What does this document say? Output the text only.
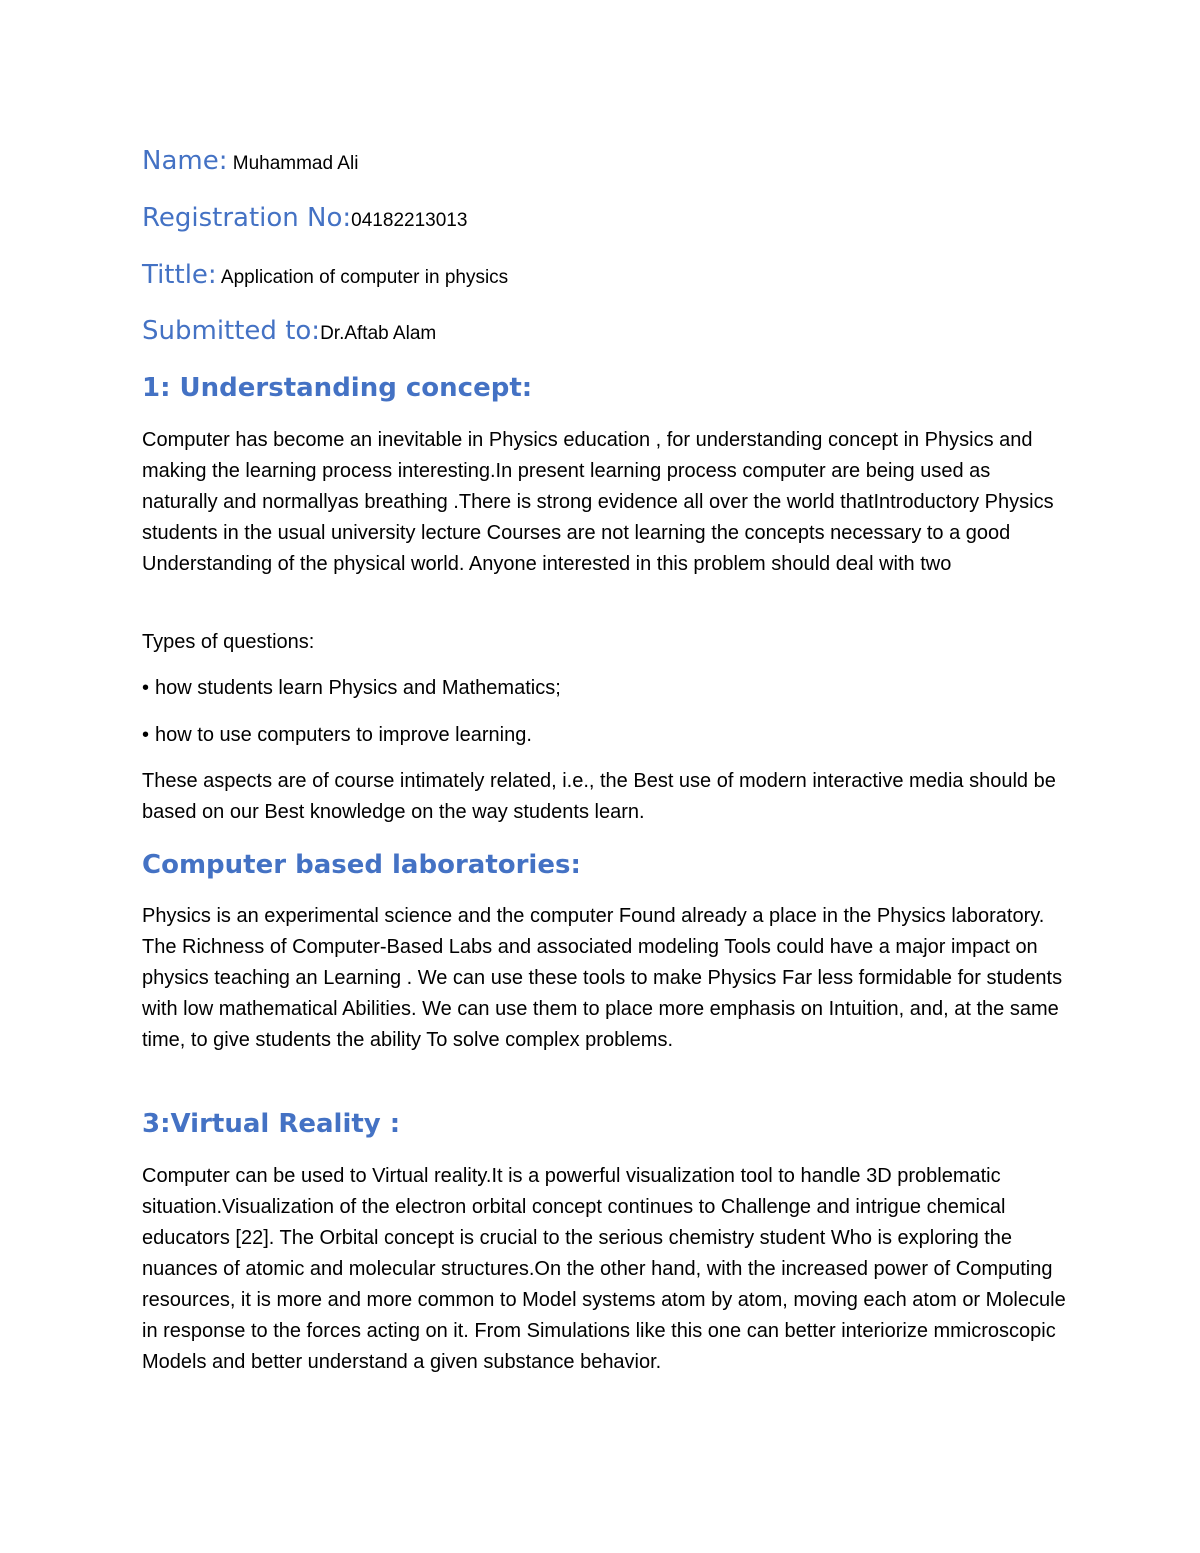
Name: Muhammad Ali
Registration No:04182213013
Tittle: Application of computer in physics
Submitted to:Dr.Aftab Alam
1: Understanding concept:

Computer has become an inevitable in Physics education , for understanding concept in Physics and making the learning process interesting.In present learning process computer are being used as naturally and normallyas breathing .There is strong evidence all over the world thatIntroductory Physics students in the usual university lecture Courses are not learning the concepts necessary to a good Understanding of the physical world. Anyone interested in this problem should deal with two

Types of questions:

• how students learn Physics and Mathematics;

• how to use computers to improve learning.

These aspects are of course intimately related, i.e., the Best use of modern interactive media should be based on our Best knowledge on the way students learn.

Computer based laboratories:

Physics is an experimental science and the computer Found already a place in the Physics laboratory. The Richness of Computer-Based Labs and associated modeling Tools could have a major impact on physics teaching an Learning . We can use these tools to make Physics Far less formidable for students with low mathematical Abilities. We can use them to place more emphasis on Intuition, and, at the same time, to give students the ability To solve complex problems.

3:Virtual Reality :

Computer can be used to Virtual reality.It is a powerful visualization tool to handle 3D problematic situation.Visualization of the electron orbital concept continues to Challenge and intrigue chemical educators [22]. The Orbital concept is crucial to the serious chemistry student Who is exploring the nuances of atomic and molecular structures.On the other hand, with the increased power of Computing resources, it is more and more common to Model systems atom by atom, moving each atom or Molecule in response to the forces acting on it. From Simulations like this one can better interiorize mmicroscopic Models and better understand a given substance behavior.
